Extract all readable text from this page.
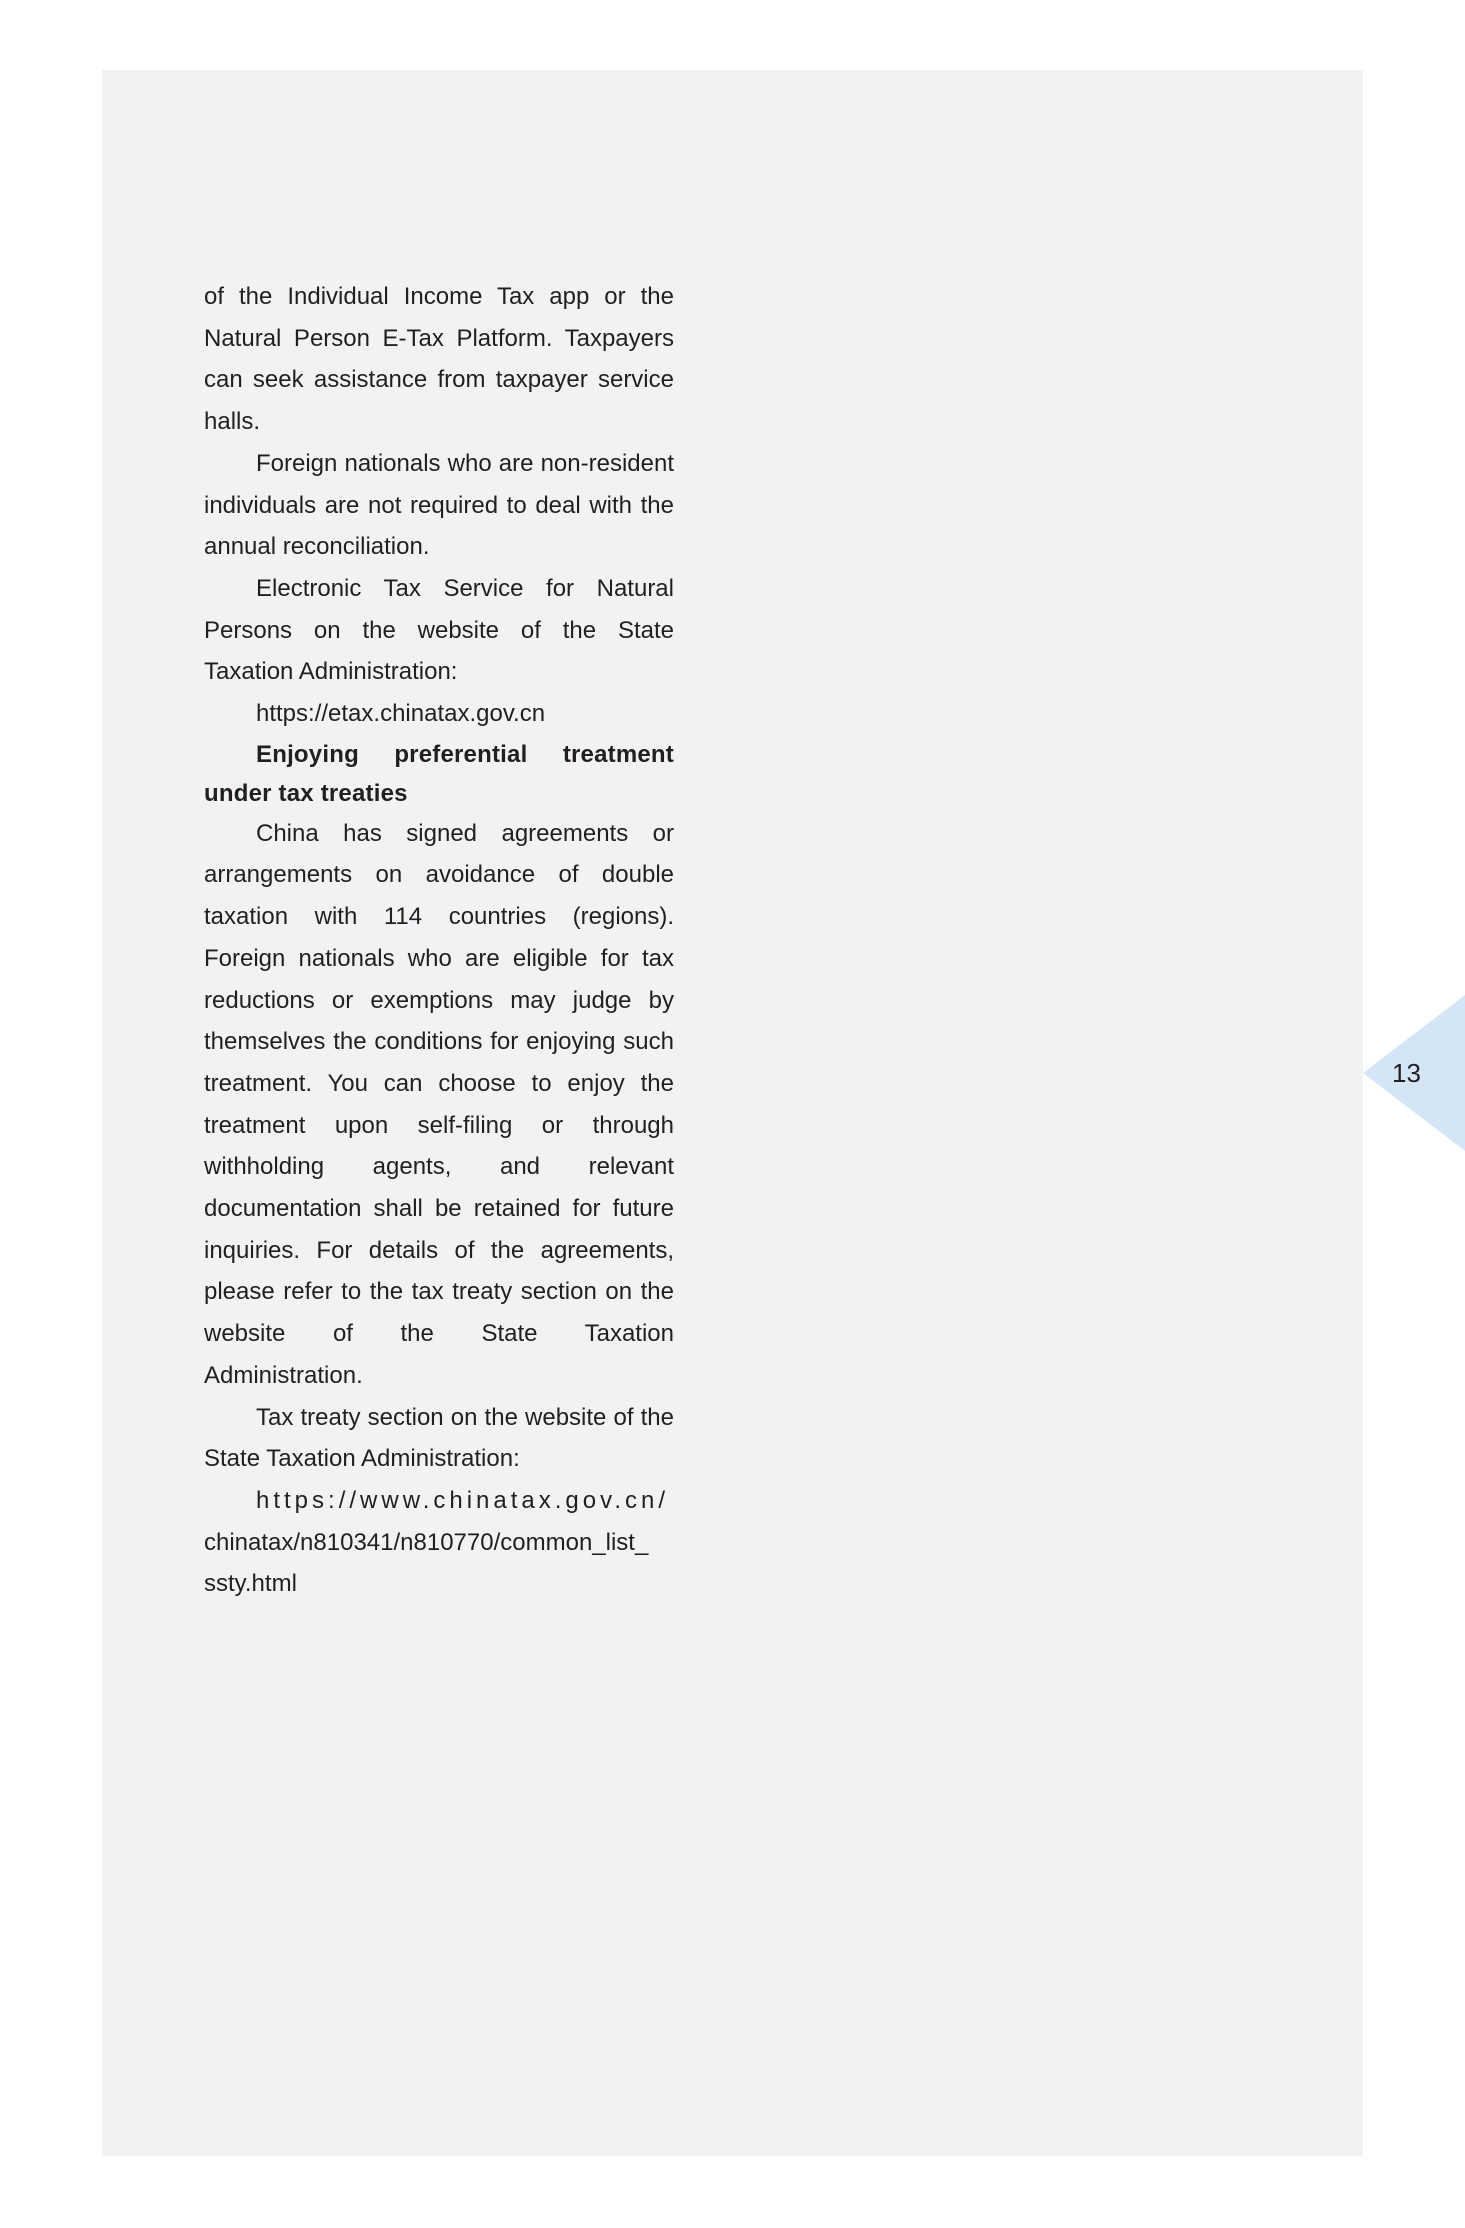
of the Individual Income Tax app or the Natural Person E-Tax Platform. Taxpayers can seek assistance from taxpayer service halls.

Foreign nationals who are non-resident individuals are not required to deal with the annual reconciliation.

Electronic Tax Service for Natural Persons on the website of the State Taxation Administration:

https://etax.chinatax.gov.cn

Enjoying preferential treatment under tax treaties

China has signed agreements or arrangements on avoidance of double taxation with 114 countries (regions). Foreign nationals who are eligible for tax reductions or exemptions may judge by themselves the conditions for enjoying such treatment. You can choose to enjoy the treatment upon self-filing or through withholding agents, and relevant documentation shall be retained for future inquiries. For details of the agreements, please refer to the tax treaty section on the website of the State Taxation Administration.

Tax treaty section on the website of the State Taxation Administration:

https://www.chinatax.gov.cn/

chinatax/n810341/n810770/common_list_

ssty.html

13
